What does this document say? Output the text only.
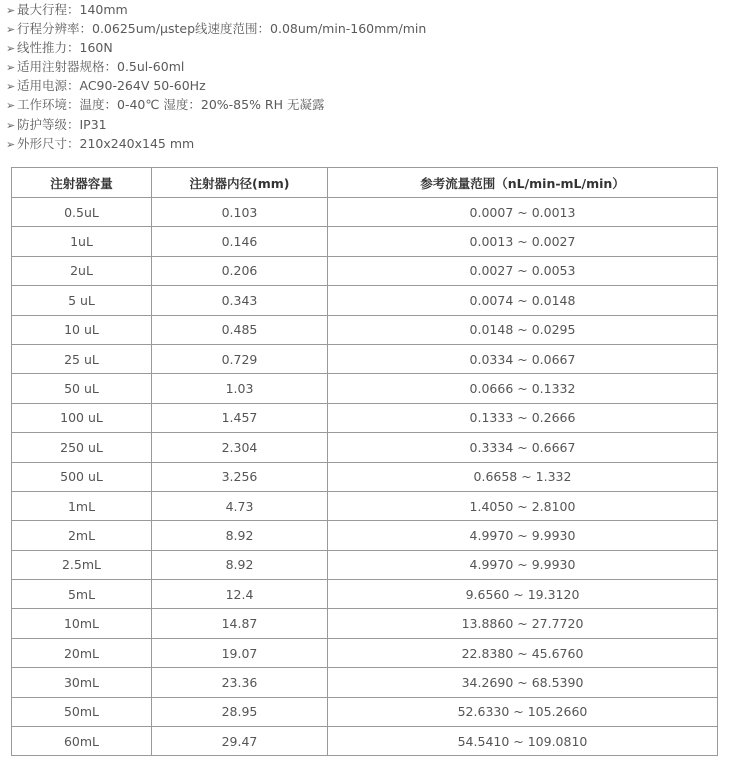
➢ 最大行程：140mm
➢ 行程分辨率：0.0625um/μstep线速度范围：0.08um/min-160mm/min
➢ 线性推力：160N
➢ 适用注射器规格：0.5ul-60ml
➢ 适用电源：AC90-264V 50-60Hz
➢ 工作环境：温度：0-40℃ 湿度：20%-85% RH 无凝露
➢ 防护等级：IP31
➢ 外形尺寸：210x240x145 mm
注射器容量	注射器内径(mm)	参考流量范围（nL/min-mL/min）
0.5uL	0.103	0.0007 ~ 0.0013
1uL	0.146	0.0013 ~ 0.0027
2uL	0.206	0.0027 ~ 0.0053
5 uL	0.343	0.0074 ~ 0.0148
10 uL	0.485	0.0148 ~ 0.0295
25 uL	0.729	0.0334 ~ 0.0667
50 uL	1.03	0.0666 ~ 0.1332
100 uL	1.457	0.1333 ~ 0.2666
250 uL	2.304	0.3334 ~ 0.6667
500 uL	3.256	0.6658 ~ 1.332
1mL	4.73	1.4050 ~ 2.8100
2mL	8.92	4.9970 ~ 9.9930
2.5mL	8.92	4.9970 ~ 9.9930
5mL	12.4	9.6560 ~ 19.3120
10mL	14.87	13.8860 ~ 27.7720
20mL	19.07	22.8380 ~ 45.6760
30mL	23.36	34.2690 ~ 68.5390
50mL	28.95	52.6330 ~ 105.2660
60mL	29.47	54.5410 ~ 109.0810
